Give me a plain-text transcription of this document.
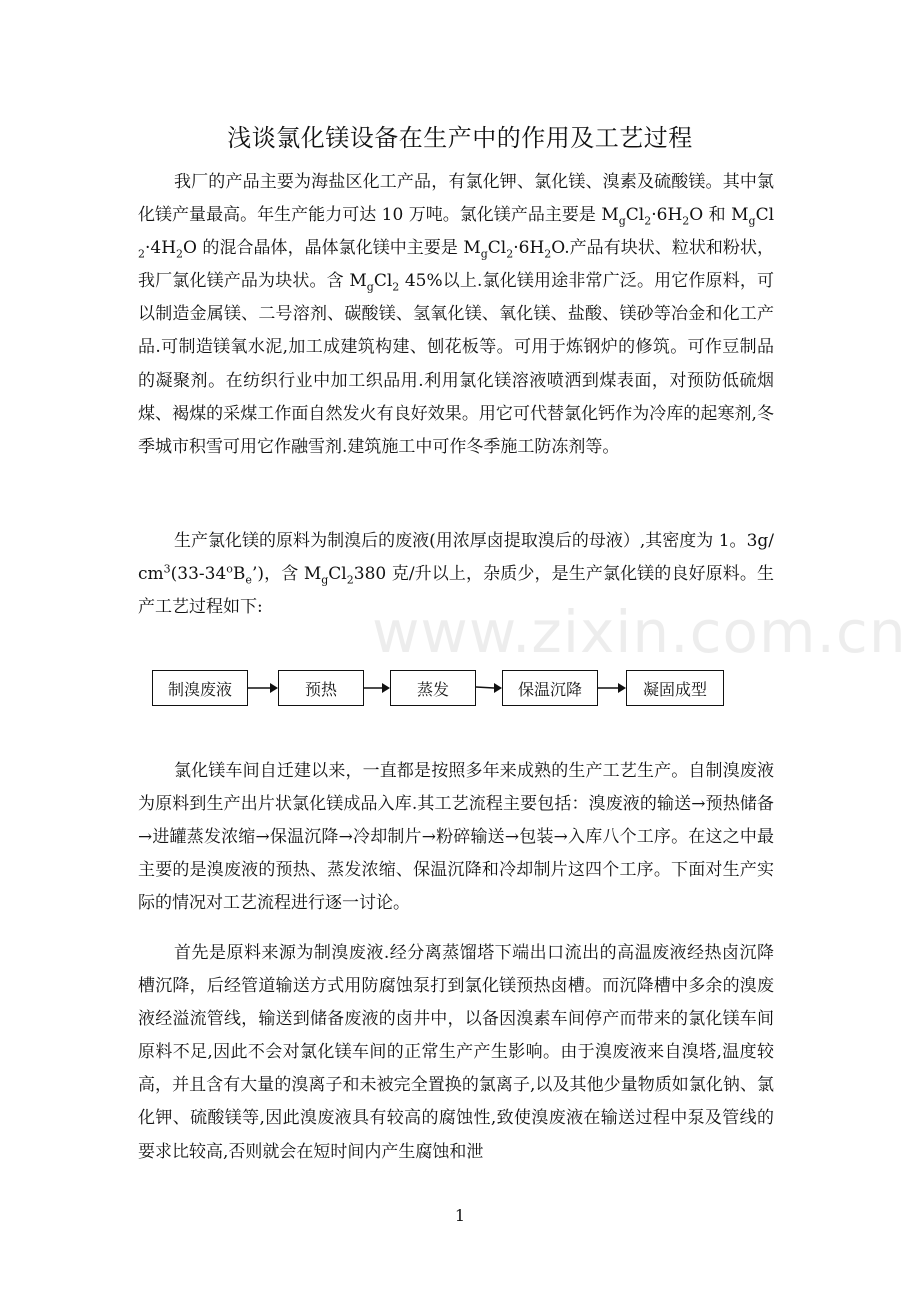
浅谈氯化镁设备在生产中的作用及工艺过程

我厂的产品主要为海盐区化工产品，有氯化钾、氯化镁、溴素及硫酸镁。其中氯化镁产量最高。年生产能力可达 10 万吨。氯化镁产品主要是 $M_gCl_2\cdot 6H_2O$ 和 $M_gCl_2\cdot 4H_2O$ 的混合晶体，晶体氯化镁中主要是 $M_gCl_2\cdot 6H_2O$.产品有块状、粒状和粉状，我厂氯化镁产品为块状。含 $M_gCl_2$ 45%以上.氯化镁用途非常广泛。用它作原料，可以制造金属镁、二号溶剂、碳酸镁、氢氧化镁、氧化镁、盐酸、镁砂等冶金和化工产品.可制造镁氧水泥,加工成建筑构建、刨花板等。可用于炼钢炉的修筑。可作豆制品的凝聚剂。在纺织行业中加工织品用.利用氯化镁溶液喷洒到煤表面，对预防低硫烟煤、褐煤的采煤工作面自然发火有良好效果。用它可代替氯化钙作为冷库的起寒剂,冬季城市积雪可用它作融雪剂.建筑施工中可作冬季施工防冻剂等。

生产氯化镁的原料为制溴后的废液(用浓厚卤提取溴后的母液）,其密度为 1。$3g/cm^3(33-34^oB_e’)$，含 $M_gCl_2380$ 克/升以上，杂质少，是生产氯化镁的良好原料。生产工艺过程如下:	www.zixin.com.cn
制溴废液	预热	蒸发	保温沉降	凝固成型

氯化镁车间自迁建以来，一直都是按照多年来成熟的生产工艺生产。自制溴废液为原料到生产出片状氯化镁成品入库.其工艺流程主要包括：溴废液的输送→预热储备→进罐蒸发浓缩→保温沉降→冷却制片→粉碎输送→包装→入库八个工序。在这之中最主要的是溴废液的预热、蒸发浓缩、保温沉降和冷却制片这四个工序。下面对生产实际的情况对工艺流程进行逐一讨论。

首先是原料来源为制溴废液.经分离蒸馏塔下端出口流出的高温废液经热卤沉降槽沉降，后经管道输送方式用防腐蚀泵打到氯化镁预热卤槽。而沉降槽中多余的溴废液经溢流管线，输送到储备废液的卤井中，以备因溴素车间停产而带来的氯化镁车间原料不足,因此不会对氯化镁车间的正常生产产生影响。由于溴废液来自溴塔,温度较高，并且含有大量的溴离子和未被完全置换的氯离子,以及其他少量物质如氯化钠、氯化钾、硫酸镁等,因此溴废液具有较高的腐蚀性,致使溴废液在输送过程中泵及管线的要求比较高,否则就会在短时间内产生腐蚀和泄

1
